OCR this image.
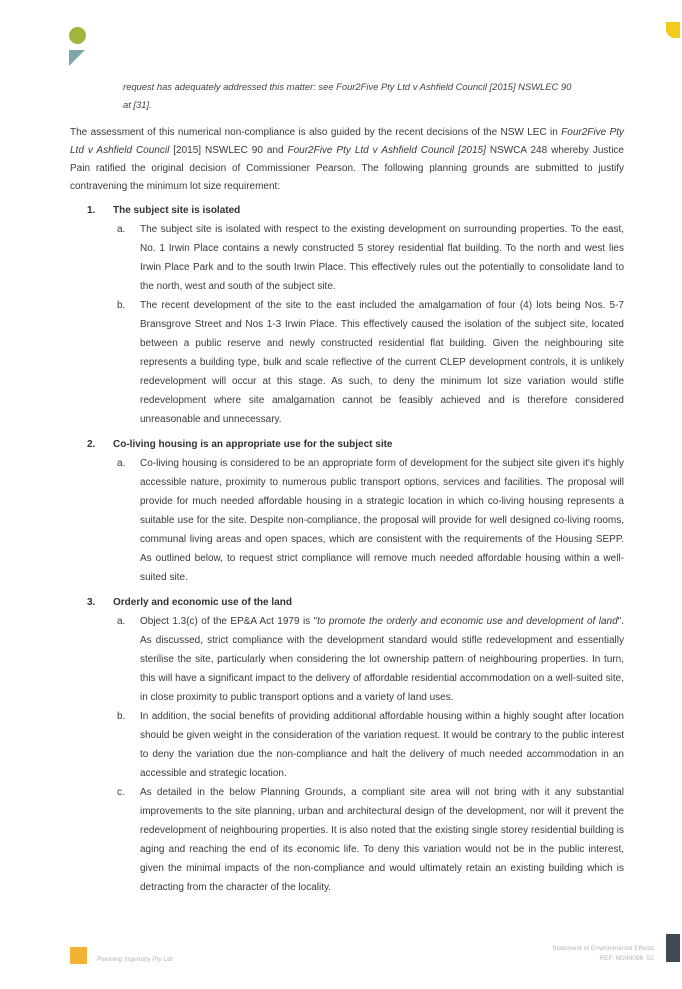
request has adequately addressed this matter: see Four2Five Pty Ltd v Ashfield Council [2015] NSWLEC 90
at [31].
The assessment of this numerical non-compliance is also guided by the recent decisions of the NSW LEC in Four2Five Pty Ltd v Ashfield Council [2015] NSWLEC 90 and Four2Five Pty Ltd v Ashfield Council [2015] NSWCA 248 whereby Justice Pain ratified the original decision of Commissioner Pearson. The following planning grounds are submitted to justify contravening the minimum lot size requirement:
1.	The subject site is isolated
a.	The subject site is isolated with respect to the existing development on surrounding properties. To the east, No. 1 Irwin Place contains a newly constructed 5 storey residential flat building. To the north and west lies Irwin Place Park and to the south Irwin Place. This effectively rules out the potentially to consolidate land to the north, west and south of the subject site.
b.	The recent development of the site to the east included the amalgamation of four (4) lots being Nos. 5-7 Bransgrove Street and Nos 1-3 Irwin Place. This effectively caused the isolation of the subject site, located between a public reserve and newly constructed residential flat building. Given the neighbouring site represents a building type, bulk and scale reflective of the current CLEP development controls, it is unlikely redevelopment will occur at this stage. As such, to deny the minimum lot size variation would stifle redevelopment where site amalgamation cannot be feasibly achieved and is therefore considered unreasonable and unnecessary.
2.	Co-living housing is an appropriate use for the subject site
a.	Co-living housing is considered to be an appropriate form of development for the subject site given it's highly accessible nature, proximity to numerous public transport options, services and facilities. The proposal will provide for much needed affordable housing in a strategic location in which co-living housing represents a suitable use for the site. Despite non-compliance, the proposal will provide for well designed co-living rooms, communal living areas and open spaces, which are consistent with the requirements of the Housing SEPP. As outlined below, to request strict compliance will remove much needed affordable housing within a well-suited site.
3.	Orderly and economic use of the land
a.	Object 1.3(c) of the EP&A Act 1979 is "to promote the orderly and economic use and development of land". As discussed, strict compliance with the development standard would stifle redevelopment and essentially sterilise the site, particularly when considering the lot ownership pattern of neighbouring properties. In turn, this will have a significant impact to the delivery of affordable residential accommodation on a well-suited site, in close proximity to public transport options and a variety of land uses.
b.	In addition, the social benefits of providing additional affordable housing within a highly sought after location should be given weight in the consideration of the variation request. It would be contrary to the public interest to deny the variation due the non-compliance and halt the delivery of much needed accommodation in an accessible and strategic location.
c.	As detailed in the below Planning Grounds, a compliant site area will not bring with it any substantial improvements to the site planning, urban and architectural design of the development, nor will it prevent the redevelopment of neighbouring properties. It is also noted that the existing single storey residential building is aging and reaching the end of its economic life. To deny this variation would not be in the public interest, given the minimal impacts of the non-compliance and would ultimately retain an existing building which is detracting from the character of the locality.
Planning Ingenuity Pty Ltd
Statement of Environmental Effects
REF: M240096 52
